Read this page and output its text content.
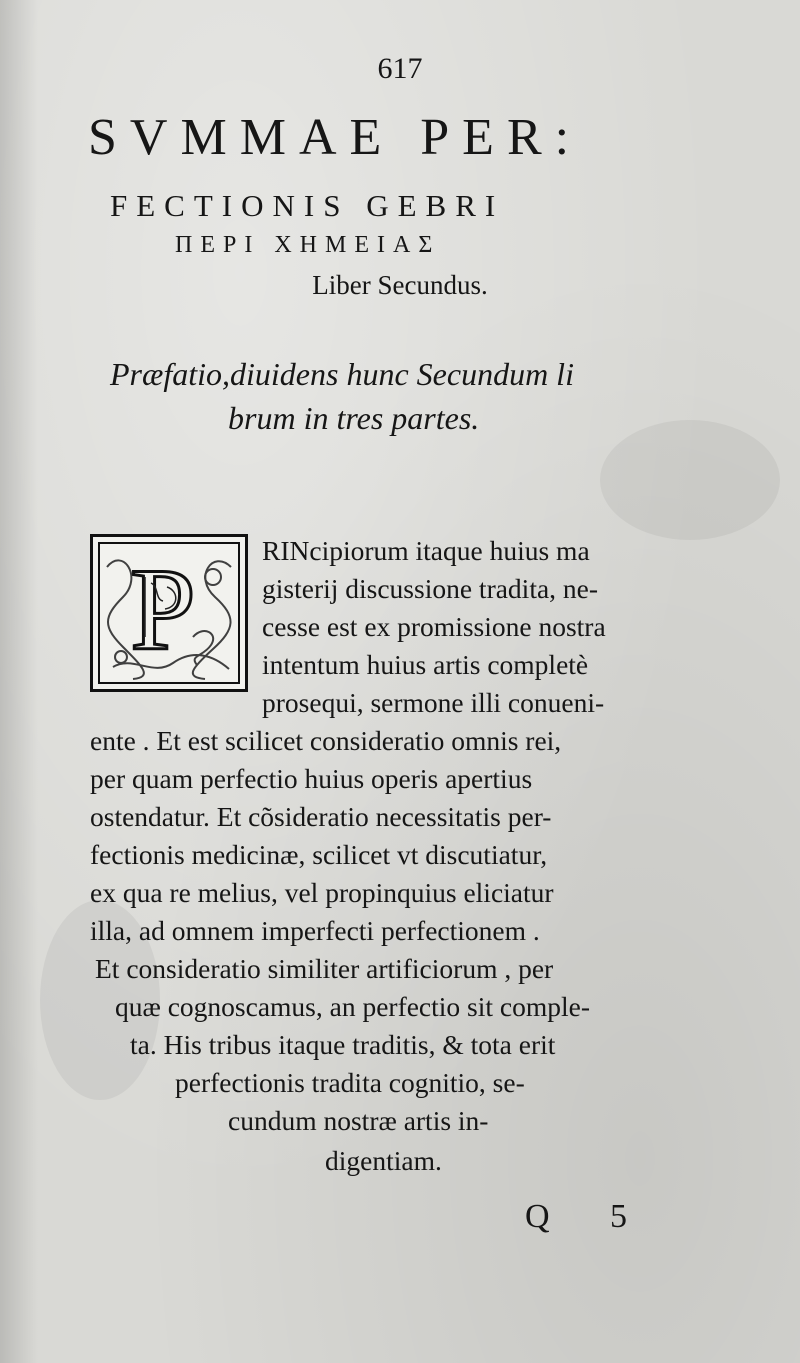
617
SVMMAE PER:
FECTIONIS GEBRI
ΠΕΡΙ ΧΗΜΕΙΑΣ
Liber Secundus.
Præfatio,diuidens hunc Secundum li
brum in tres partes.
P RINcipiorum itaque huius ma
gisterij discussione tradita, ne-
cesse est ex promissione nostra
intentum huius artis completè
prosequi, sermone illi conueni-
ente . Et est scilicet consideratio omnis rei,
per quam perfectio huius operis apertius
ostendatur. Et cõsideratio necessitatis per-
fectionis medicinæ, scilicet vt discutiatur,
ex qua re melius, vel propinquius eliciatur
illa, ad omnem imperfecti perfectionem .
Et consideratio similiter artificiorum , per
quæ cognoscamus, an perfectio sit comple-
ta. His tribus itaque traditis, & tota erit
perfectionis tradita cognitio, se-
cundum nostræ artis in-
digentiam.
Q 5
